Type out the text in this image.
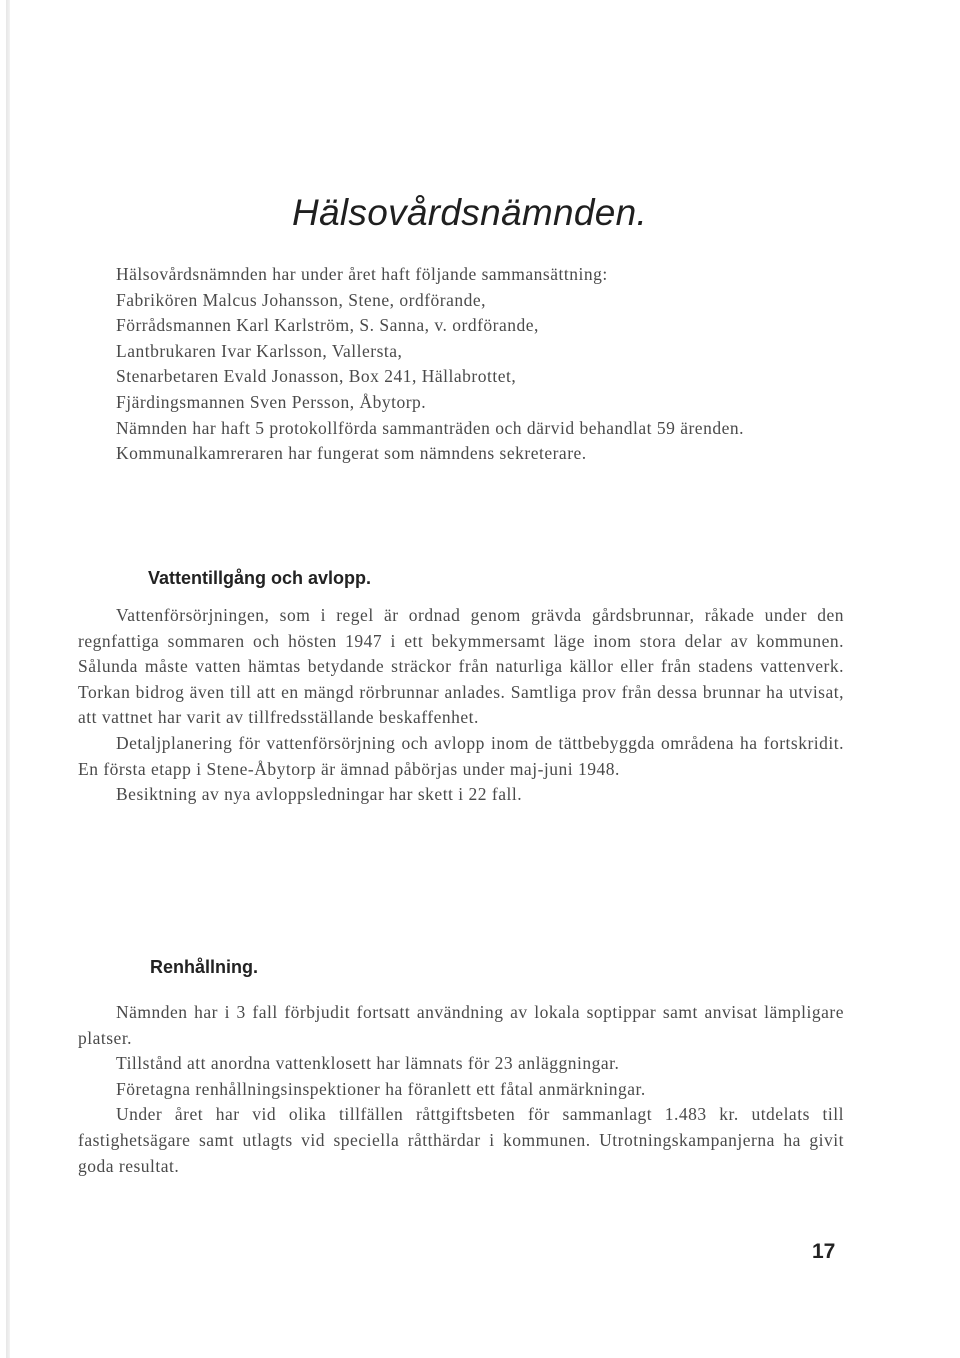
Hälsovårdsnämnden.

Hälsovårdsnämnden har under året haft följande sammansättning:

Fabrikören Malcus Johansson, Stene, ordförande,
Förrådsmannen Karl Karlström, S. Sanna, v. ordförande,
Lantbrukaren Ivar Karlsson, Vallersta,
Stenarbetaren Evald Jonasson, Box 241, Hällabrottet,
Fjärdingsmannen Sven Persson, Åbytorp.

Nämnden har haft 5 protokollförda sammanträden och därvid behandlat 59 ärenden.

Kommunalkamreraren har fungerat som nämndens sekreterare.

Vattentillgång och avlopp.

Vattenförsörjningen, som i regel är ordnad genom grävda gårdsbrunnar, råkade under den regnfattiga sommaren och hösten 1947 i ett bekymmersamt läge inom stora delar av kommunen. Sålunda måste vatten hämtas betydande sträckor från naturliga källor eller från stadens vattenverk. Torkan bidrog även till att en mängd rörbrunnar anlades. Samtliga prov från dessa brunnar ha utvisat, att vattnet har varit av tillfredsställande beskaffenhet.

Detaljplanering för vattenförsörjning och avlopp inom de tättbebyggda områdena ha fortskridit. En första etapp i Stene-Åbytorp är ämnad påbörjas under maj-juni 1948.

Besiktning av nya avloppsledningar har skett i 22 fall.

Renhållning.

Nämnden har i 3 fall förbjudit fortsatt användning av lokala soptippar samt anvisat lämpligare platser.

Tillstånd att anordna vattenklosett har lämnats för 23 anläggningar.

Företagna renhållningsinspektioner ha föranlett ett fåtal anmärkningar.

Under året har vid olika tillfällen råttgiftsbeten för sammanlagt 1.483 kr. utdelats till fastighetsägare samt utlagts vid speciella råtthärdar i kommunen. Utrotningskampanjerna ha givit goda resultat.

17
